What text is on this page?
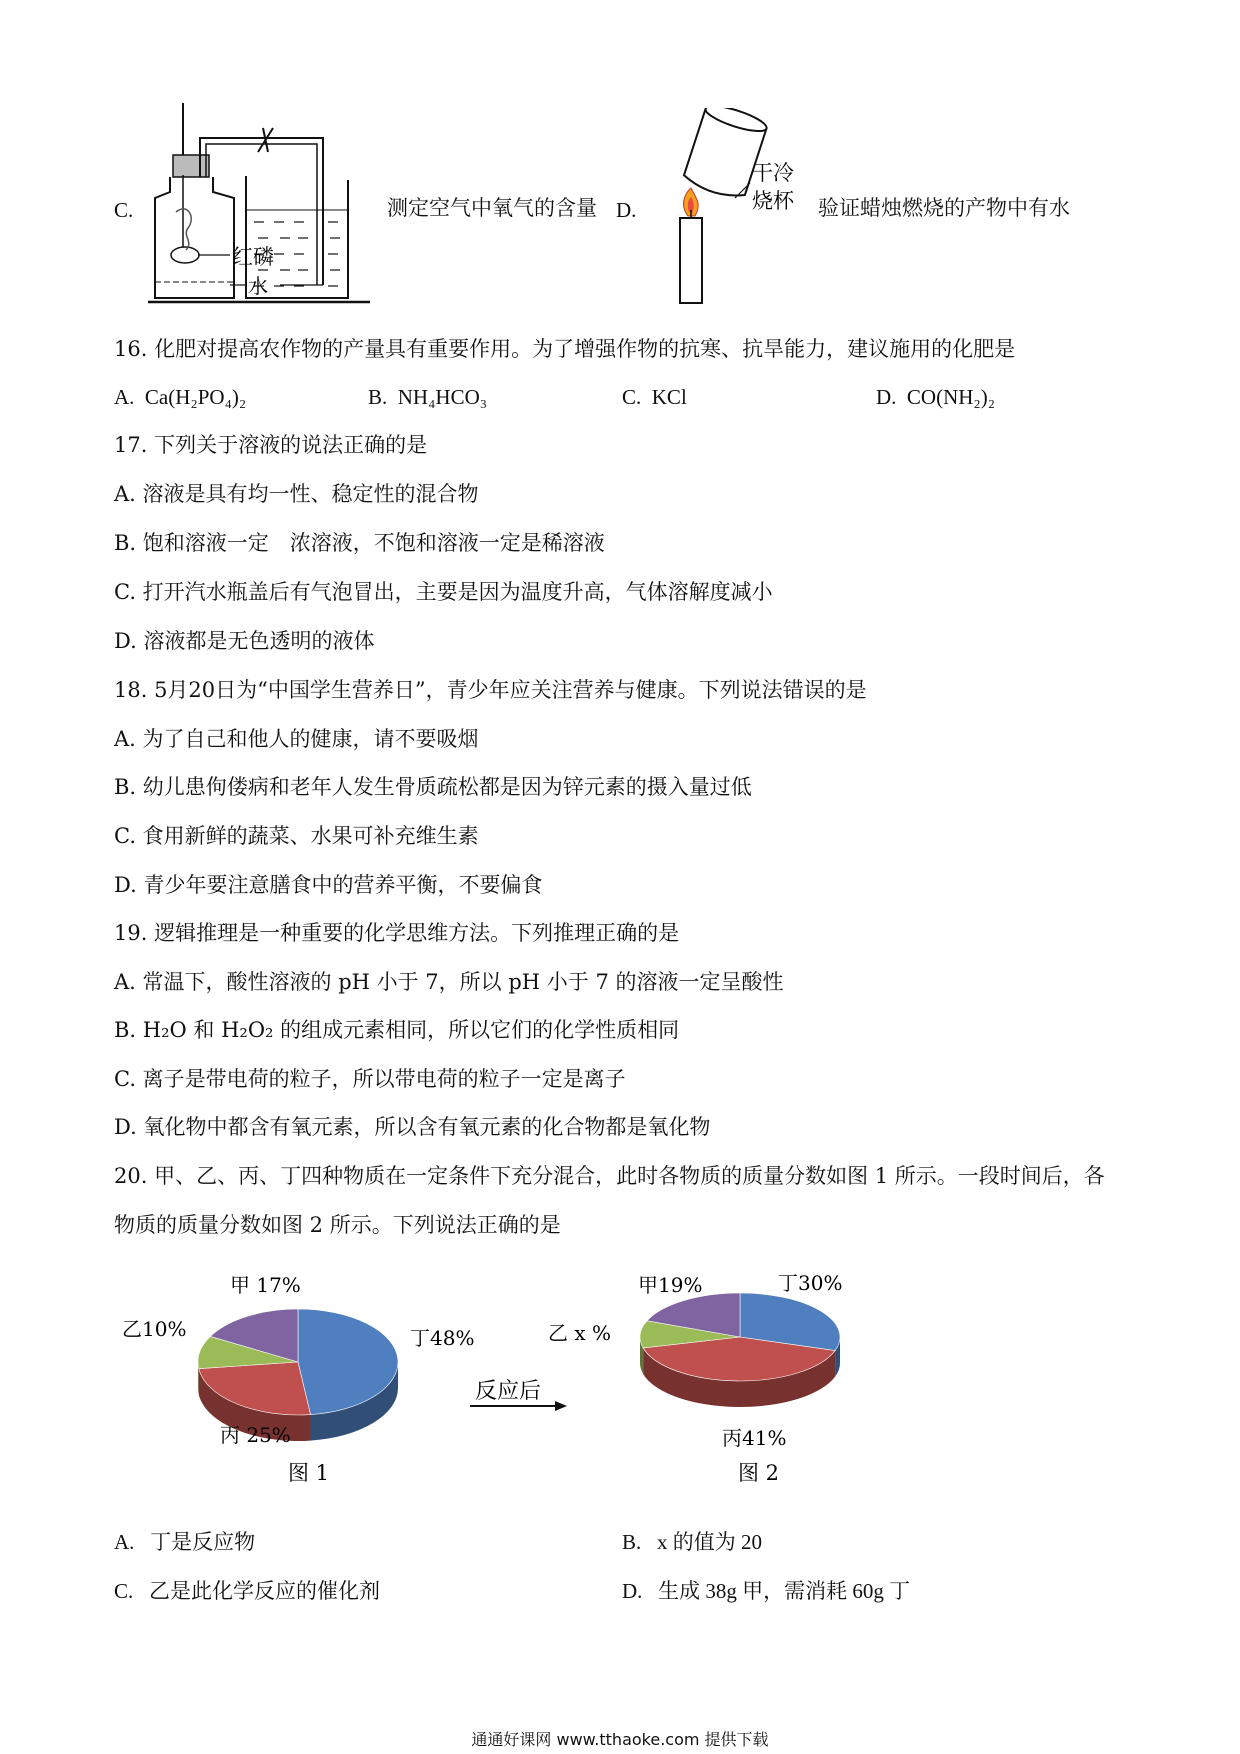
C.
红磷
水
测定空气中氧气的含量 D.
干冷
烧杯 验证蜡烛燃烧的产物中有水
16. 化肥对提高农作物的产量具有重要作用。为了增强作物的抗寒、抗旱能力，建议施用的化肥是
A. Ca(H₂PO₄)₂	B. NH₄HCO₃	C. KCl	D. CO(NH₂)₂
17. 下列关于溶液的说法正确的是
A. 溶液是具有均一性、稳定性的混合物
B. 饱和溶液一定　浓溶液，不饱和溶液一定是稀溶液
C. 打开汽水瓶盖后有气泡冒出，主要是因为温度升高，气体溶解度减小
D. 溶液都是无色透明的液体
18. 5月20日为“中国学生营养日”，青少年应关注营养与健康。下列说法错误的是
A. 为了自己和他人的健康，请不要吸烟
B. 幼儿患佝偻病和老年人发生骨质疏松都是因为锌元素的摄入量过低
C. 食用新鲜的蔬菜、水果可补充维生素
D. 青少年要注意膳食中的营养平衡，不要偏食
19. 逻辑推理是一种重要的化学思维方法。下列推理正确的是
A. 常温下，酸性溶液的 pH 小于 7，所以 pH 小于 7 的溶液一定呈酸性
B. H₂O 和 H₂O₂ 的组成元素相同，所以它们的化学性质相同
C. 离子是带电荷的粒子，所以带电荷的粒子一定是离子
D. 氧化物中都含有氧元素，所以含有氧元素的化合物都是氧化物
20. 甲、乙、丙、丁四种物质在一定条件下充分混合，此时各物质的质量分数如图 1 所示。一段时间后，各
物质的质量分数如图 2 所示。下列说法正确的是
甲 17%
乙10%	丁48%
丙 25%
图 1
反应后
甲19%	丁30%
乙 x %
丙41%
图 2
A. 丁是反应物	B. x 的值为 20
C. 乙是此化学反应的催化剂	D. 生成 38g 甲，需消耗 60g 丁
通通好课网 www.tthaoke.com 提供下载
